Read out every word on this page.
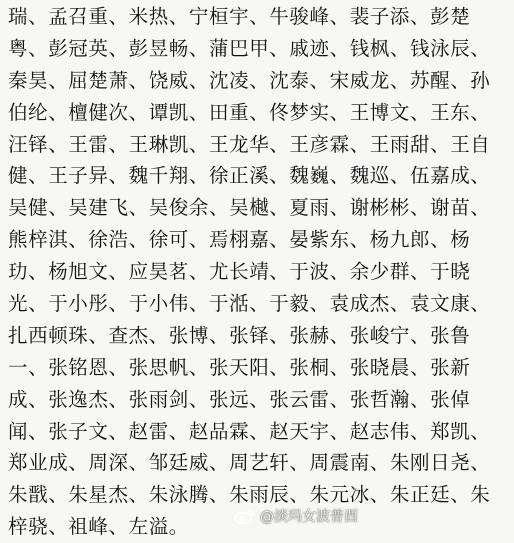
瑞、孟召重、米热、宁桓宇、牛骏峰、裴子添、彭楚
粤、彭冠英、彭昱畅、蒲巴甲、戚迹、钱枫、钱泳辰、
秦昊、屈楚萧、饶威、沈凌、沈泰、宋威龙、苏醒、孙
伯纶、檀健次、谭凯、田重、佟梦实、王博文、王东、
汪铎、王雷、王琳凯、王龙华、王彦霖、王雨甜、王自
健、王子异、魏千翔、徐正溪、魏巍、魏巡、伍嘉成、
吴健、吴建飞、吴俊余、吴樾、夏雨、谢彬彬、谢苗、
熊梓淇、徐浩、徐可、焉栩嘉、晏紫东、杨九郎、杨
玏、杨旭文、应昊茗、尤长靖、于波、余少群、于晓
光、于小彤、于小伟、于湉、于毅、袁成杰、袁文康、
扎西顿珠、查杰、张博、张铎、张赫、张峻宁、张鲁
一、张铭恩、张思帆、张天阳、张桐、张晓晨、张新
成、张逸杰、张雨剑、张远、张云雷、张哲瀚、张倬
闻、张子文、赵雷、赵品霖、赵天宇、赵志伟、郑凯、
郑业成、周深、邹廷威、周艺轩、周震南、朱刚日尧、
朱戬、朱星杰、朱泳腾、朱雨辰、朱元冰、朱正廷、朱
梓骁、祖峰、左溢。	@淡玛女波普酉
